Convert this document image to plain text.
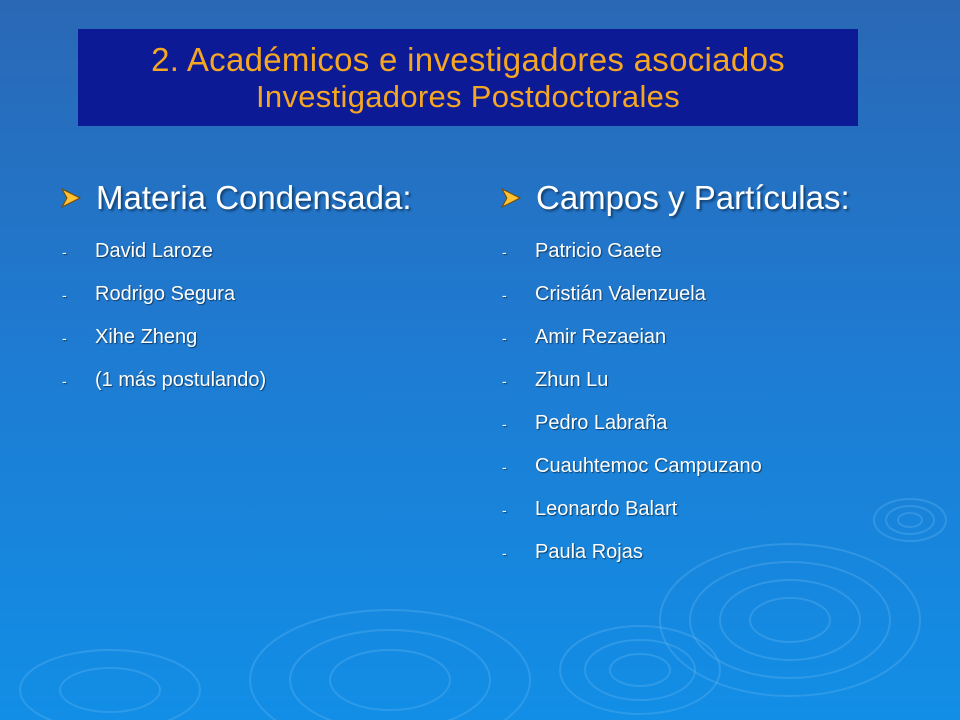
2. Académicos e investigadores asociados
Investigadores Postdoctorales
Materia Condensada:
-	David Laroze
-	Rodrigo Segura
-	Xihe Zheng
-	(1 más postulando)
Campos y Partículas:
-	Patricio Gaete
-	Cristián Valenzuela
-	Amir Rezaeian
-	Zhun Lu
-	Pedro Labraña
-	Cuauhtemoc Campuzano
-	Leonardo Balart
-	Paula Rojas
